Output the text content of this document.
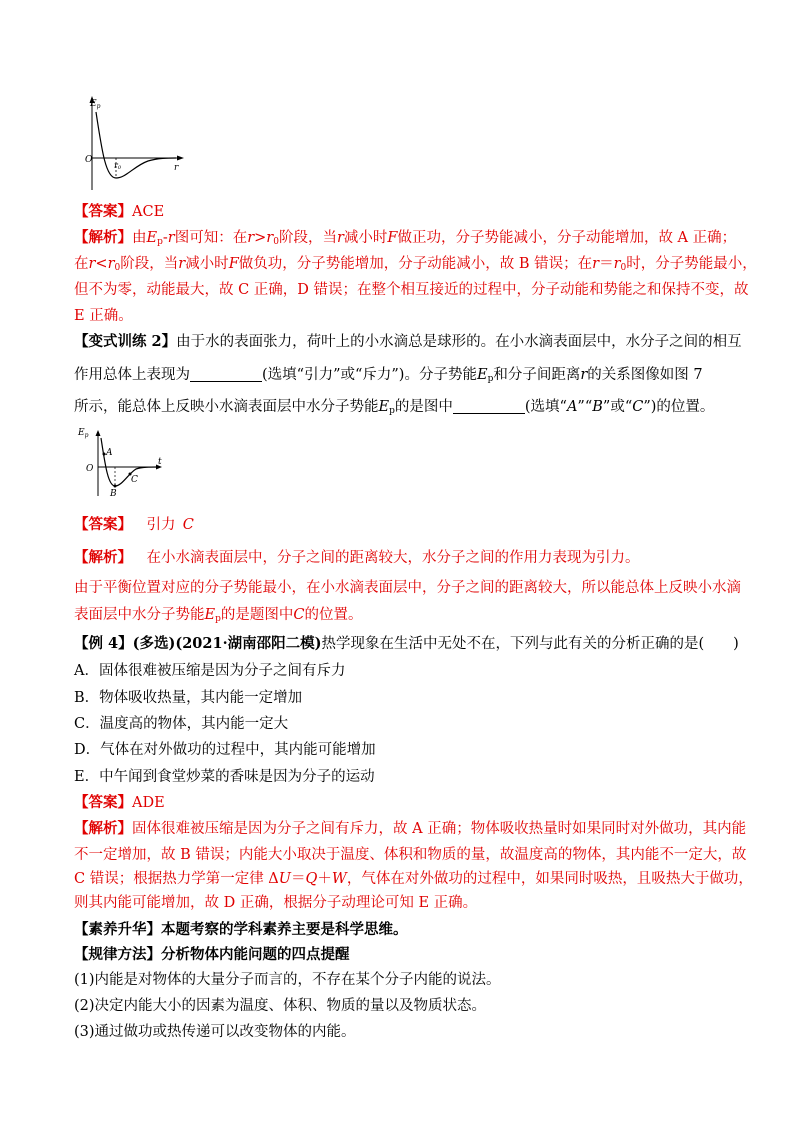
$E_p$
O
r
r0
【答案】ACE
【解析】由$E_p-r$图可知：在$r>r_0$阶段，当r减小时F做正功，分子势能减小，分子动能增加，故 A 正确；
在$r<r_0$阶段，当r减小时F做负功，分子势能增加，分子动能减小，故 B 错误；在$r=r_0$时，分子势能最小，
但不为零，动能最大，故 C 正确，D 错误；在整个相互接近的过程中，分子动能和势能之和保持不变，故
E 正确。
【变式训练 2】由于水的表面张力，荷叶上的小水滴总是球形的。在小水滴表面层中，水分子之间的相互
作用总体上表现为	(选填“引力”或“斥力”)。分子势能$E_p$和分子间距离r的关系图像如图 7
所示，能总体上反映小水滴表面层中水分子势能$E_p$的是图中	(选填“A”“B”或“C”)的位置。
$E_p$
O
t
A
B
C
【答案】  引力  C
【解析】  在小水滴表面层中，分子之间的距离较大，水分子之间的作用力表现为引力。
由于平衡位置对应的分子势能最小，在小水滴表面层中，分子之间的距离较大，所以能总体上反映小水滴
表面层中水分子势能$E_p$的是题图中C的位置。
【例 4】(多选)(2021·湖南邵阳二模)热学现象在生活中无处不在，下列与此有关的分析正确的是(　　)
A．固体很难被压缩是因为分子之间有斥力
B．物体吸收热量，其内能一定增加
C．温度高的物体，其内能一定大
D．气体在对外做功的过程中，其内能可能增加
E．中午闻到食堂炒菜的香味是因为分子的运动
【答案】ADE
【解析】固体很难被压缩是因为分子之间有斥力，故 A 正确；物体吸收热量时如果同时对外做功，其内能
不一定增加，故 B 错误；内能大小取决于温度、体积和物质的量，故温度高的物体，其内能不一定大，故
C 错误；根据热力学第一定律 ΔU＝Q＋W，气体在对外做功的过程中，如果同时吸热，且吸热大于做功，
则其内能可能增加，故 D 正确，根据分子动理论可知 E 正确。
【素养升华】本题考察的学科素养主要是科学思维。
【规律方法】分析物体内能问题的四点提醒
(1)内能是对物体的大量分子而言的，不存在某个分子内能的说法。
(2)决定内能大小的因素为温度、体积、物质的量以及物质状态。
(3)通过做功或热传递可以改变物体的内能。
